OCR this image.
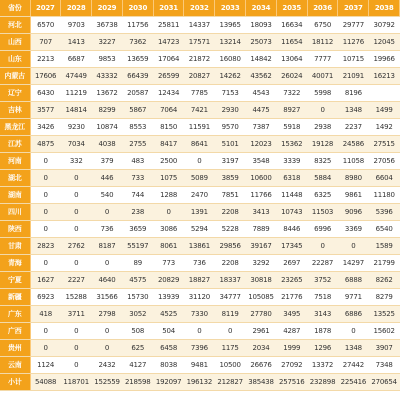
省份	2027	2028	2029	2030	2031	2032	2033	2034	2035	2036	2037	2038
河北	6570	9703	36738	11756	25811	14337	13965	18093	16634	6750	29777	30792
山西	707	1413	3227	7362	14723	17571	13214	25073	11654	18112	11276	12045
山东	2213	6687	9853	13659	17064	21872	16080	14842	13064	7777	10715	19966
内蒙古	17606	47449	43332	66439	26599	20827	14262	43562	26024	40071	21091	16213
辽宁	6430	11219	13672	20587	12434	7785	7153	4543	7322	5998	8196	
吉林	3577	14814	8299	5867	7064	7421	2930	4475	8927	0	1348	1499
黑龙江	3426	9230	10874	8553	8150	11591	9570	7387	5918	2938	2237	1492
江苏	4875	7034	4038	2755	8417	8641	5101	12023	15362	19128	24586	27515
河南	0	332	379	483	2500	0	3197	3548	3339	8325	11058	27056
湖北	0	0	446	733	1075	5089	3859	10600	6318	5884	8980	6604
湖南	0	0	540	744	1288	2470	7851	11766	11448	6325	9861	11180
四川	0	0	0	238	0	1391	2208	3413	10743	11503	9096	5396
陕西	0	0	736	3659	3086	5294	5228	7889	8446	6996	3369	6540
甘肃	2823	2762	8187	55197	8061	13861	29856	39167	17345	0	0	1589
青海	0	0	0	89	773	736	2208	3292	2697	22287	14297	21799
宁夏	1627	2227	4640	4575	20829	18827	18337	30818	23265	3752	6888	8262
新疆	6923	15288	31566	15730	13939	31120	34777	105085	21776	7518	9771	8279
广东	418	3711	2798	3052	4525	7330	8119	27780	3495	3143	6886	13525
广西	0	0	0	508	504	0	0	2961	4287	1878	0	15602
贵州	0	0	0	625	6458	7396	1175	2034	1999	1296	1348	3907
云南	1124	0	2432	4127	8038	9481	10500	26676	27092	13372	27442	7348
小计	54088	118701	152559	218598	192097	196132	212827	385438	257516	232898	225416	270654
